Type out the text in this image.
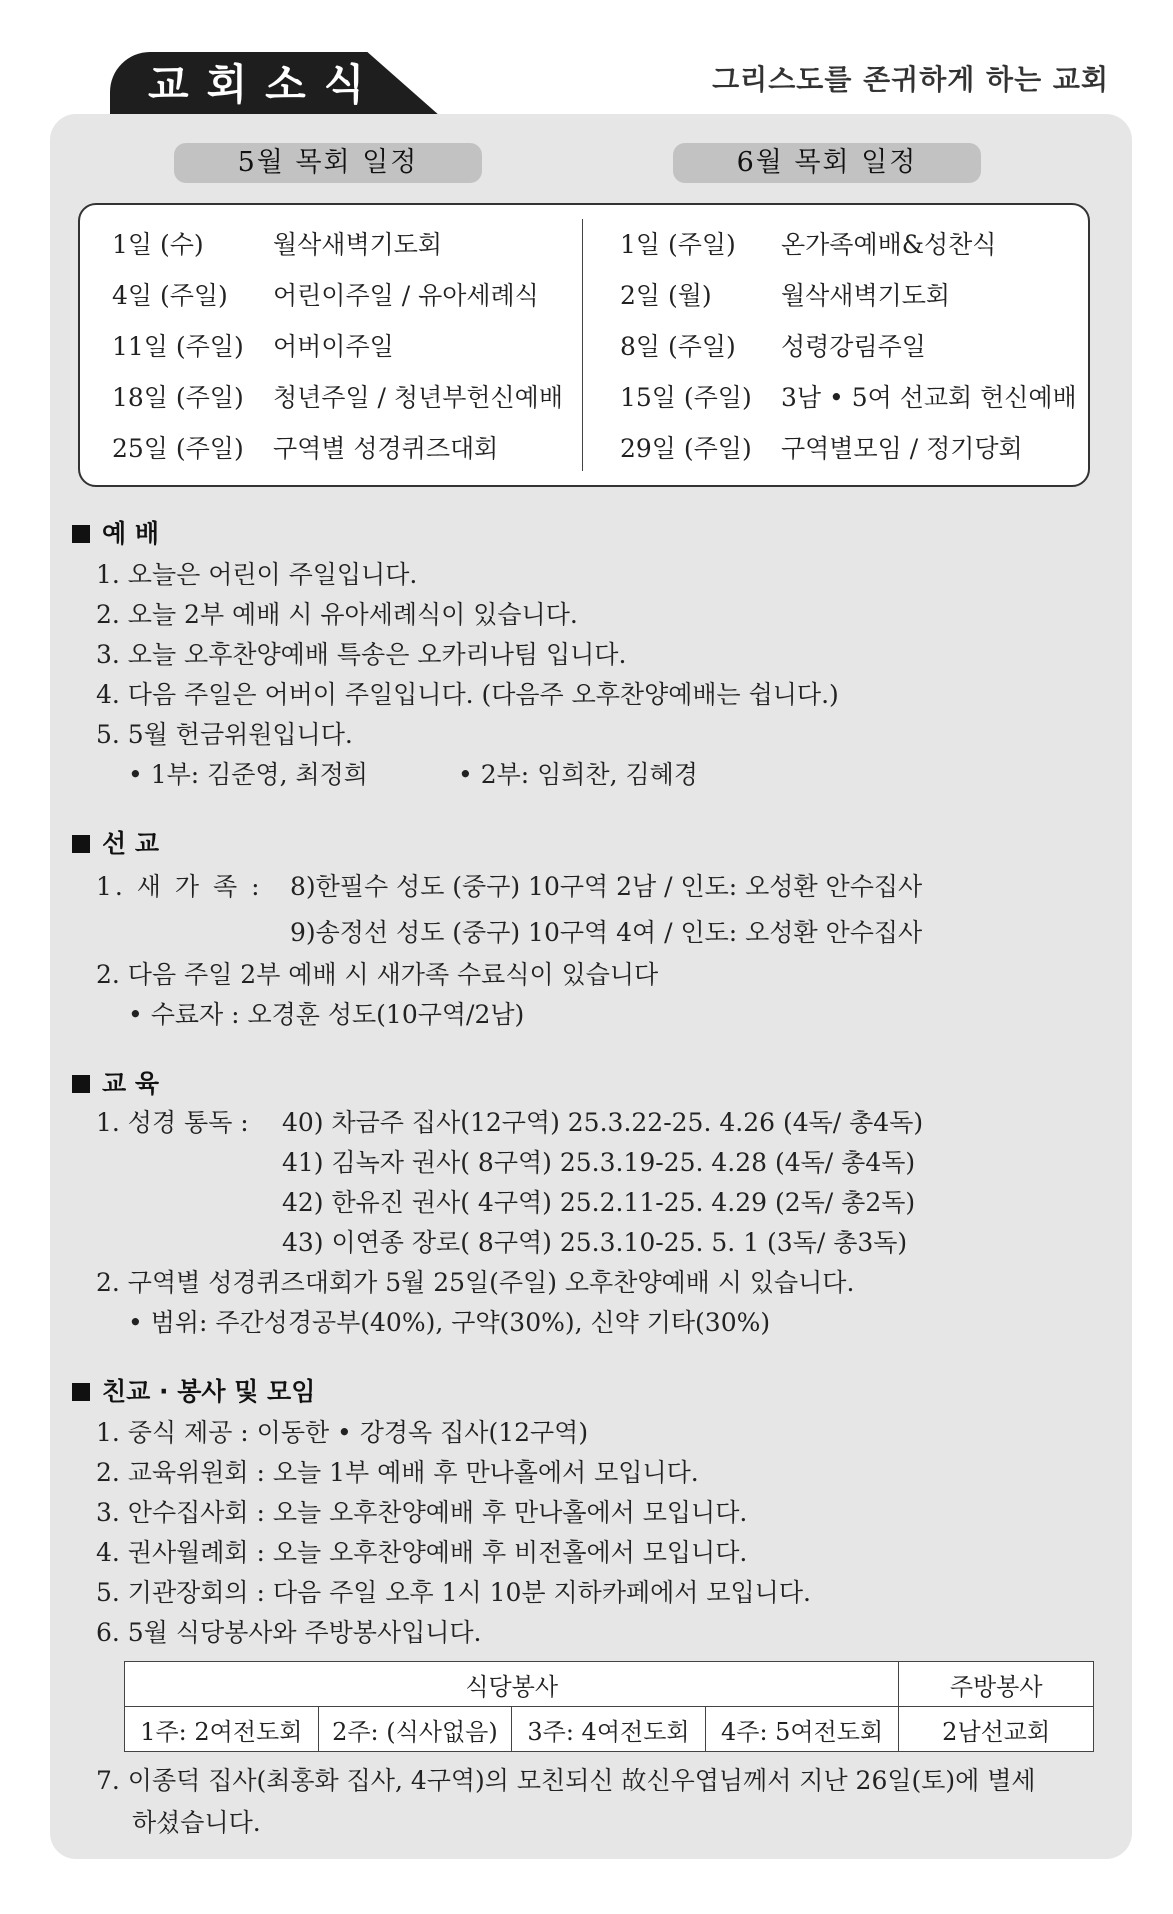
교회소식	그리스도를 존귀하게 하는 교회
5월 목회 일정	6월 목회 일정
1일 (수)	월삭새벽기도회
4일 (주일) 어린이주일 / 유아세례식
11일 (주일) 어버이주일
18일 (주일) 청년주일 / 청년부헌신예배
25일 (주일) 구역별 성경퀴즈대회
1일 (주일) 온가족예배&성찬식
2일 (월)	월삭새벽기도회
8일 (주일) 성령강림주일
15일 (주일) 3남 • 5여 선교회 헌신예배
29일 (주일) 구역별모임 / 정기당회
예 배
1. 오늘은 어린이 주일입니다.
2. 오늘 2부 예배 시 유아세례식이 있습니다.
3. 오늘 오후찬양예배 특송은 오카리나팀 입니다.
4. 다음 주일은 어버이 주일입니다. (다음주 오후찬양예배는 쉽니다.)
5. 5월 헌금위원입니다.
• 1부: 김준영, 최정희	• 2부: 임희찬, 김혜경
선 교
1. 새 가 족 : 8)한필수 성도 (중구) 10구역 2남 / 인도: 오성환 안수집사
9)송정선 성도 (중구) 10구역 4여 / 인도: 오성환 안수집사
2. 다음 주일 2부 예배 시 새가족 수료식이 있습니다
• 수료자 : 오경훈 성도(10구역/2남)
교 육
1. 성경 통독 : 40) 차금주 집사(12구역) 25.3.22-25. 4.26 (4독/ 총4독)
41) 김녹자 권사( 8구역) 25.3.19-25. 4.28 (4독/ 총4독)
42) 한유진 권사( 4구역) 25.2.11-25. 4.29 (2독/ 총2독)
43) 이연종 장로( 8구역) 25.3.10-25. 5. 1 (3독/ 총3독)
2. 구역별 성경퀴즈대회가 5월 25일(주일) 오후찬양예배 시 있습니다.
• 범위: 주간성경공부(40%), 구약(30%), 신약 기타(30%)
친교 · 봉사 및 모임
1. 중식 제공 : 이동한 • 강경옥 집사(12구역)
2. 교육위원회 : 오늘 1부 예배 후 만나홀에서 모입니다.
3. 안수집사회 : 오늘 오후찬양예배 후 만나홀에서 모입니다.
4. 권사월례회 : 오늘 오후찬양예배 후 비전홀에서 모입니다.
5. 기관장회의 : 다음 주일 오후 1시 10분 지하카페에서 모입니다.
6. 5월 식당봉사와 주방봉사입니다.
식당봉사				주방봉사
1주: 2여전도회	2주: (식사없음)	3주: 4여전도회	4주: 5여전도회	2남선교회
7. 이종덕 집사(최홍화 집사, 4구역)의 모친되신 故신우엽님께서 지난 26일(토)에 별세
하셨습니다.
